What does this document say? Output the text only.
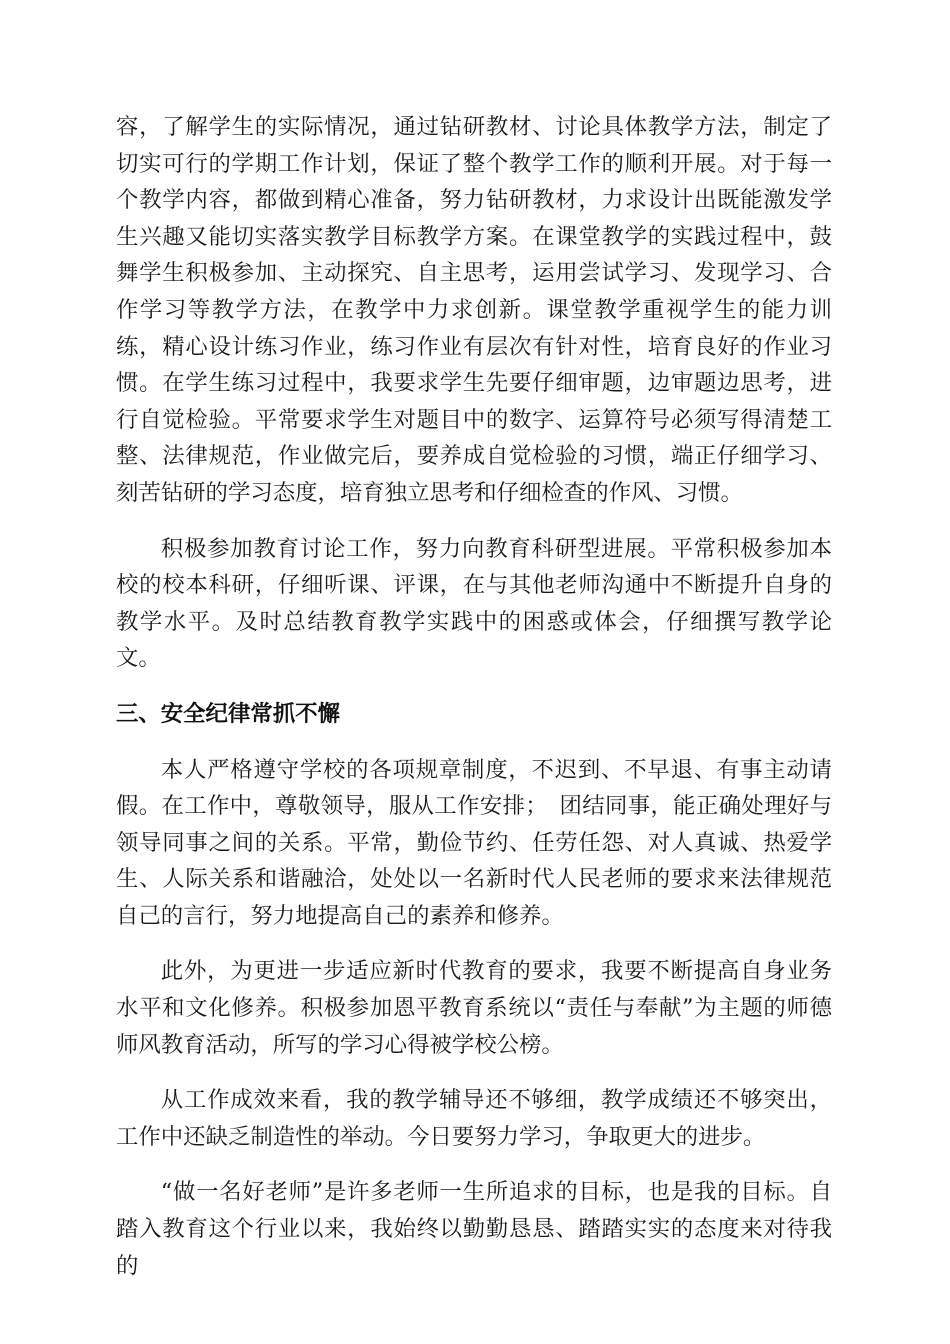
容，了解学生的实际情况，通过钻研教材、讨论具体教学方法，制定了切实可行的学期工作计划，保证了整个教学工作的顺利开展。对于每一个教学内容，都做到精心准备，努力钻研教材，力求设计出既能激发学生兴趣又能切实落实教学目标教学方案。在课堂教学的实践过程中，鼓舞学生积极参加、主动探究、自主思考，运用尝试学习、发现学习、合作学习等教学方法，在教学中力求创新。课堂教学重视学生的能力训练，精心设计练习作业，练习作业有层次有针对性，培育良好的作业习惯。在学生练习过程中，我要求学生先要仔细审题，边审题边思考，进行自觉检验。平常要求学生对题目中的数字、运算符号必须写得清楚工整、法律规范，作业做完后，要养成自觉检验的习惯，端正仔细学习、刻苦钻研的学习态度，培育独立思考和仔细检查的作风、习惯。

积极参加教育讨论工作，努力向教育科研型进展。平常积极参加本校的校本科研，仔细听课、评课，在与其他老师沟通中不断提升自身的教学水平。及时总结教育教学实践中的困惑或体会，仔细撰写教学论文。

三、安全纪律常抓不懈

本人严格遵守学校的各项规章制度，不迟到、不早退、有事主动请假。在工作中，尊敬领导，服从工作安排；　团结同事，能正确处理好与领导同事之间的关系。平常，勤俭节约、任劳任怨、对人真诚、热爱学生、人际关系和谐融洽，处处以一名新时代人民老师的要求来法律规范自己的言行，努力地提高自己的素养和修养。

此外，为更进一步适应新时代教育的要求，我要不断提高自身业务水平和文化修养。积极参加恩平教育系统以“责任与奉献”为主题的师德师风教育活动，所写的学习心得被学校公榜。

从工作成效来看，我的教学辅导还不够细，教学成绩还不够突出，工作中还缺乏制造性的举动。今日要努力学习，争取更大的进步。

“做一名好老师”是许多老师一生所追求的目标，也是我的目标。自踏入教育这个行业以来，我始终以勤勤恳恳、踏踏实实的态度来对待我的
